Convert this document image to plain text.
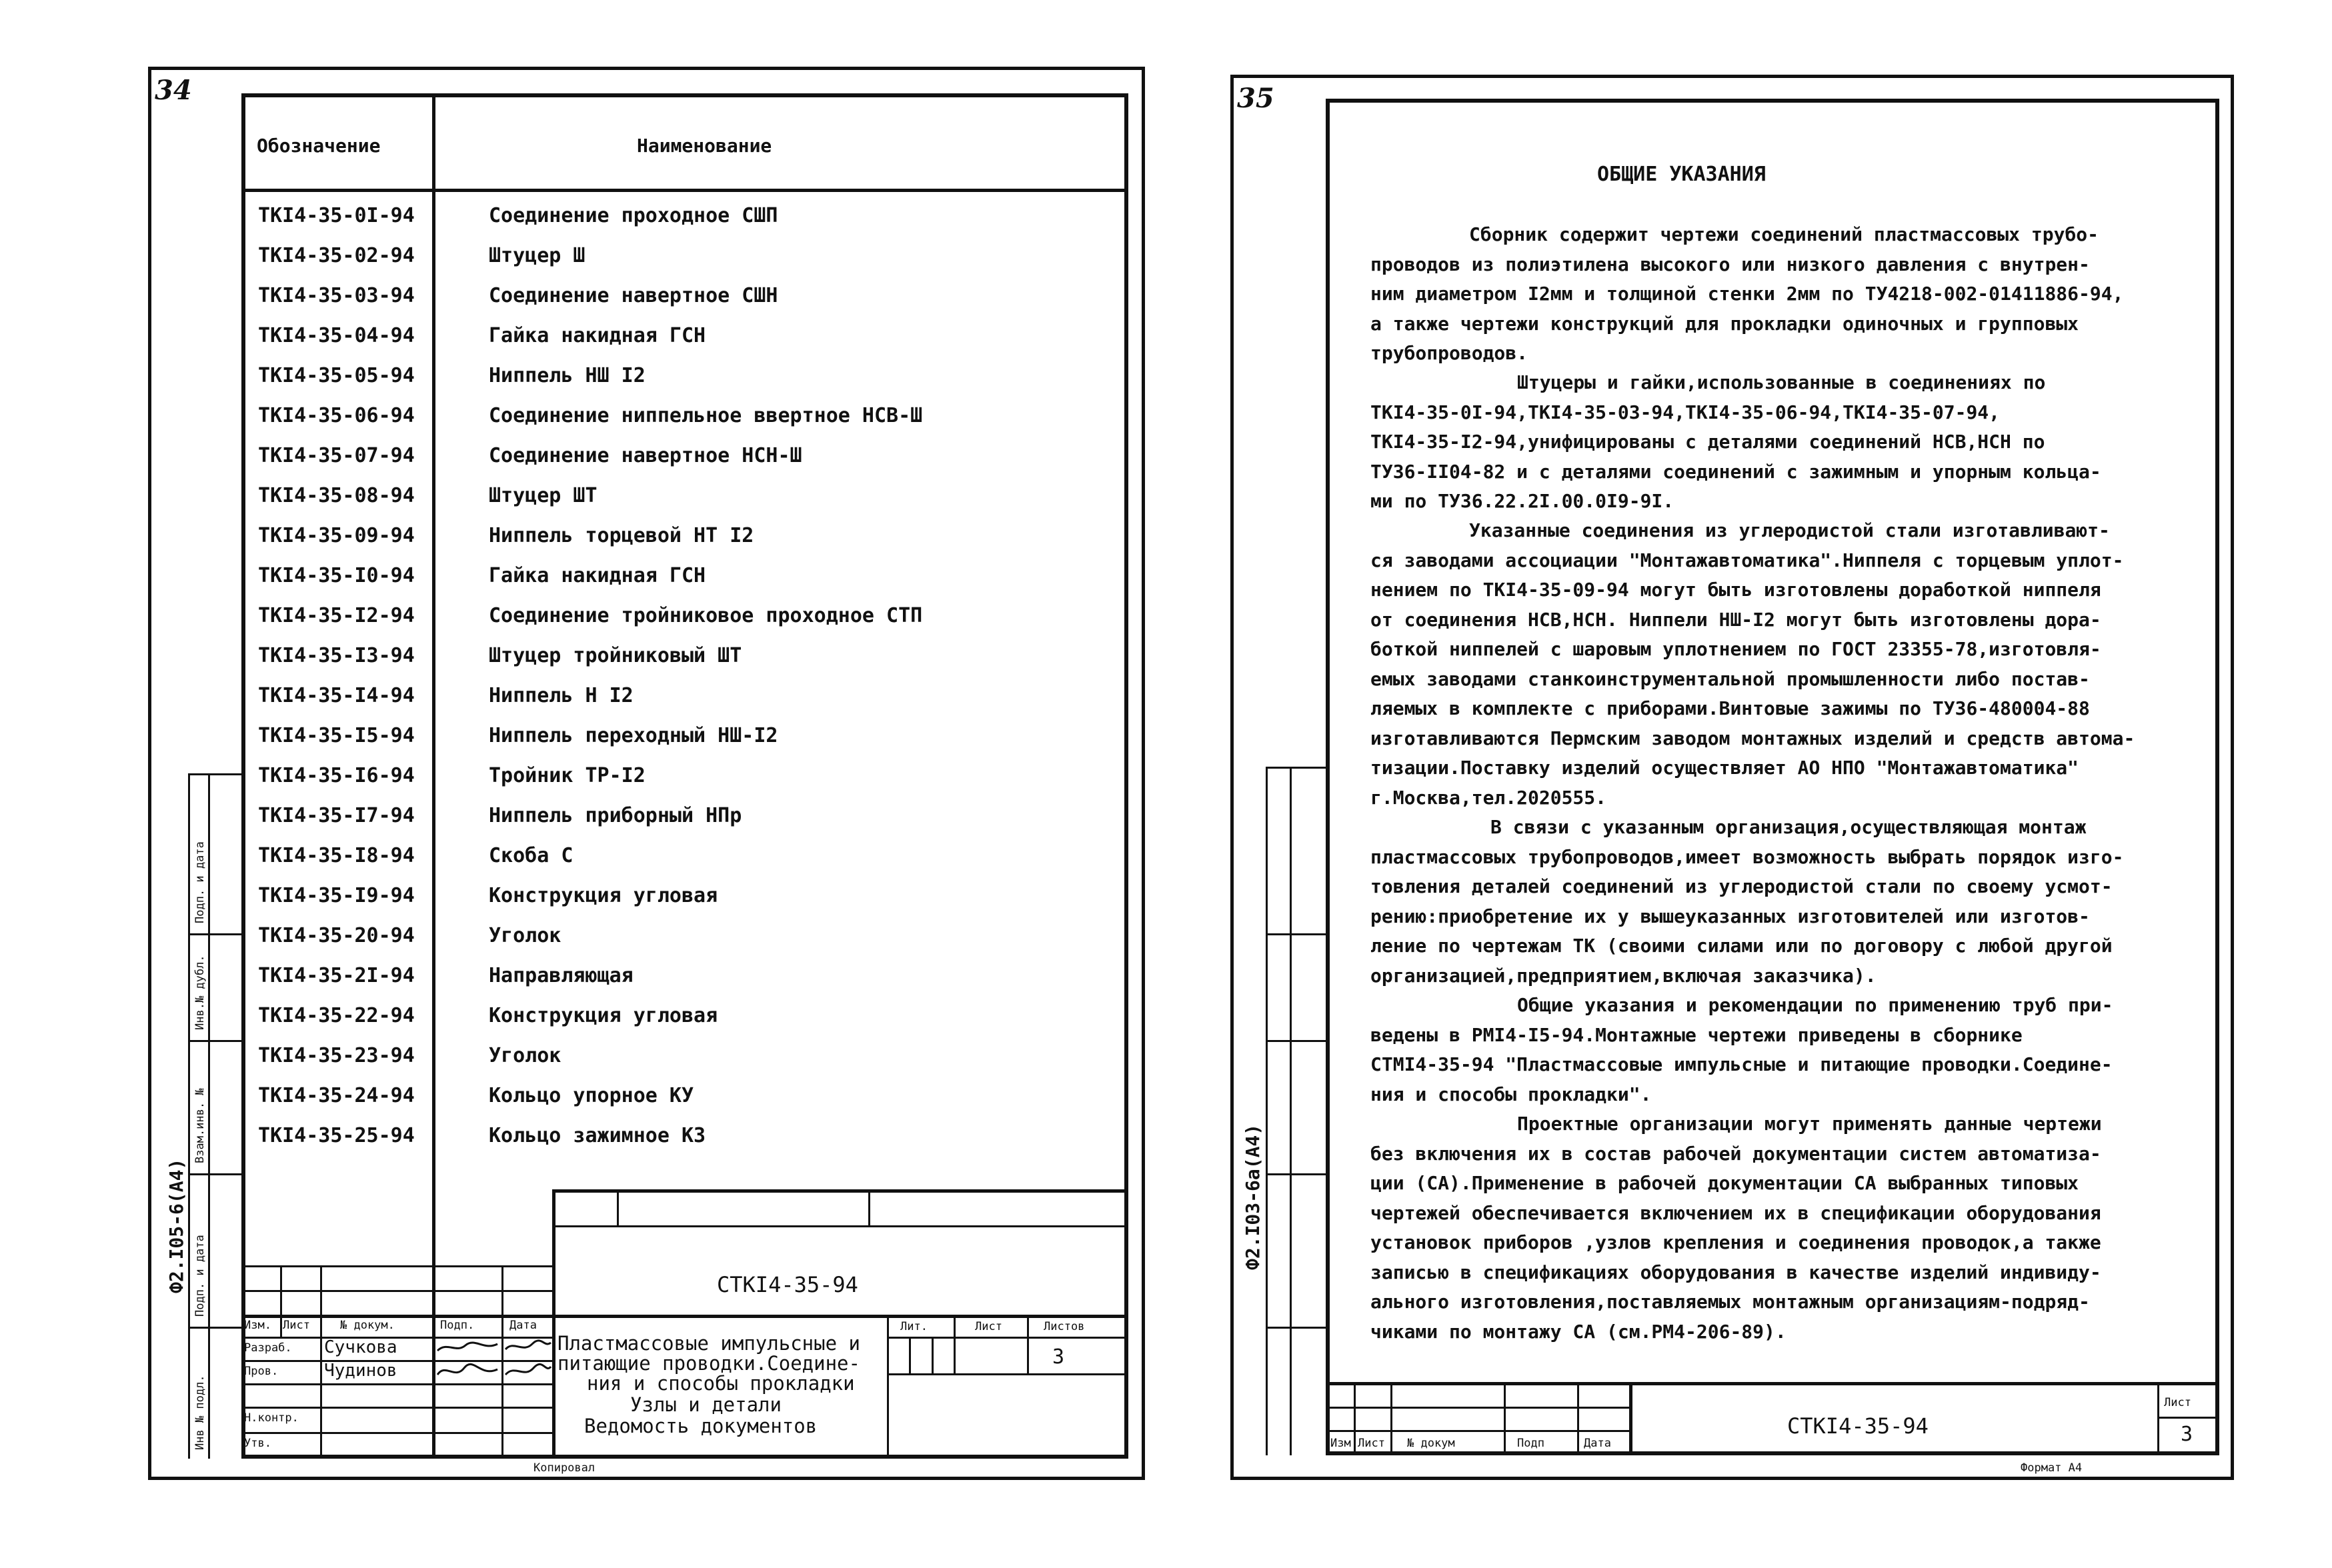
34
Обозначение	Наименование
ТКI4-35-0I-94	Соединение проходное СШП
ТКI4-35-02-94	Штуцер Ш
ТКI4-35-03-94	Соединение навертное СШН
ТКI4-35-04-94	Гайка накидная ГСН
ТКI4-35-05-94	Ниппель НШ I2
ТКI4-35-06-94	Соединение ниппельное ввертное НСВ-Ш
ТКI4-35-07-94	Соединение навертное НСН-Ш
ТКI4-35-08-94	Штуцер ШТ
ТКI4-35-09-94	Ниппель торцевой НТ I2
ТКI4-35-I0-94	Гайка накидная ГСН
ТКI4-35-I2-94	Соединение тройниковое проходное СТП
ТКI4-35-I3-94	Штуцер тройниковый ШТ
ТКI4-35-I4-94	Ниппель Н I2
ТКI4-35-I5-94	Ниппель переходный НШ-I2
ТКI4-35-I6-94	Тройник ТР-I2
ТКI4-35-I7-94	Ниппель приборный НПр
ТКI4-35-I8-94	Скоба С
ТКI4-35-I9-94	Конструкция угловая
ТКI4-35-20-94	Уголок
ТКI4-35-2I-94	Направляющая
ТКI4-35-22-94	Конструкция угловая
ТКI4-35-23-94	Уголок
ТКI4-35-24-94	Кольцо упорное КУ
ТКI4-35-25-94	Кольцо зажимное КЗ
Подп. и дата
Инв.№ дубл.
Взам.инв. №
Подп. и дата
Инв № подл.
Ф2.I05-6(А4)	СТКI4-35-94
Изм. Лист	№ докум.	Подп.	Дата
Разраб. Сучкова
Пров.	Чудинов
Н.контр.
Утв.
Пластмассовые импульсные и
питающие проводки.Соедине-
ния и способы прокладки
Узлы и детали
Ведомость документов
Лит.	Лист	Листов
3
Копировал
35
ОБЩИЕ УКАЗАНИЯ

Сборник содержит чертежи соединений пластмассовых трубо-
проводов из полиэтилена высокого или низкого давления с внутрен-
ним диаметром I2мм и толщиной стенки 2мм по ТУ4218-002-01411886-94,
а также чертежи конструкций для прокладки одиночных и групповых
трубопроводов.

Штуцеры и гайки,использованные в соединениях по
ТКI4-35-0I-94,ТКI4-35-03-94,ТКI4-35-06-94,ТКI4-35-07-94,
ТКI4-35-I2-94,унифицированы с деталями соединений НСВ,НСН по
ТУ36-II04-82 и с деталями соединений с зажимным и упорным кольца-
ми по ТУ36.22.2I.00.0I9-9I.

Указанные соединения из углеродистой стали изготавливают-
ся заводами ассоциации "Монтажавтоматика".Ниппеля с торцевым уплот-
нением по ТКI4-35-09-94 могут быть изготовлены доработкой ниппеля
от соединения НСВ,НСН. Ниппели НШ-I2 могут быть изготовлены дора-
боткой ниппелей с шаровым уплотнением по ГОСТ 23355-78,изготовля-
емых заводами станкоинструментальной промышленности либо постав-
ляемых в комплекте с приборами.Винтовые зажимы по ТУ36-480004-88
изготавливаются Пермским заводом монтажных изделий и средств автома-
тизации.Поставку изделий осуществляет АО НПО "Монтажавтоматика"
г.Москва,тел.2020555.

В связи с указанным организация,осуществляющая монтаж
пластмассовых трубопроводов,имеет возможность выбрать порядок изго-
товления деталей соединений из углеродистой стали по своему усмот-
рению:приобретение их у вышеуказанных изготовителей или изготов-
ление по чертежам ТК (своими силами или по договору с любой другой
организацией,предприятием,включая заказчика).

Общие указания и рекомендации по применению труб при-
ведены в РМI4-I5-94.Монтажные чертежи приведены в сборнике
СТМI4-35-94 "Пластмассовые импульсные и питающие проводки.Соедине-
ния и способы прокладки".

Проектные организации могут применять данные чертежи
без включения их в состав рабочей документации систем автоматиза-
ции (СА).Применение в рабочей документации СА выбранных типовых
чертежей обеспечивается включением их в спецификации оборудования
установок приборов ,узлов крепления и соединения проводок,а также
записью в спецификациях оборудования в качестве изделий индивиду-
ального изготовления,поставляемых монтажным организациям-подряд-
чиками по монтажу СА (см.РМ4-206-89).

Ф2.I03-6а(А4)
Изм Лист № докум	Подп	Дата
СТКI4-35-94
Лист
3
Формат А4
